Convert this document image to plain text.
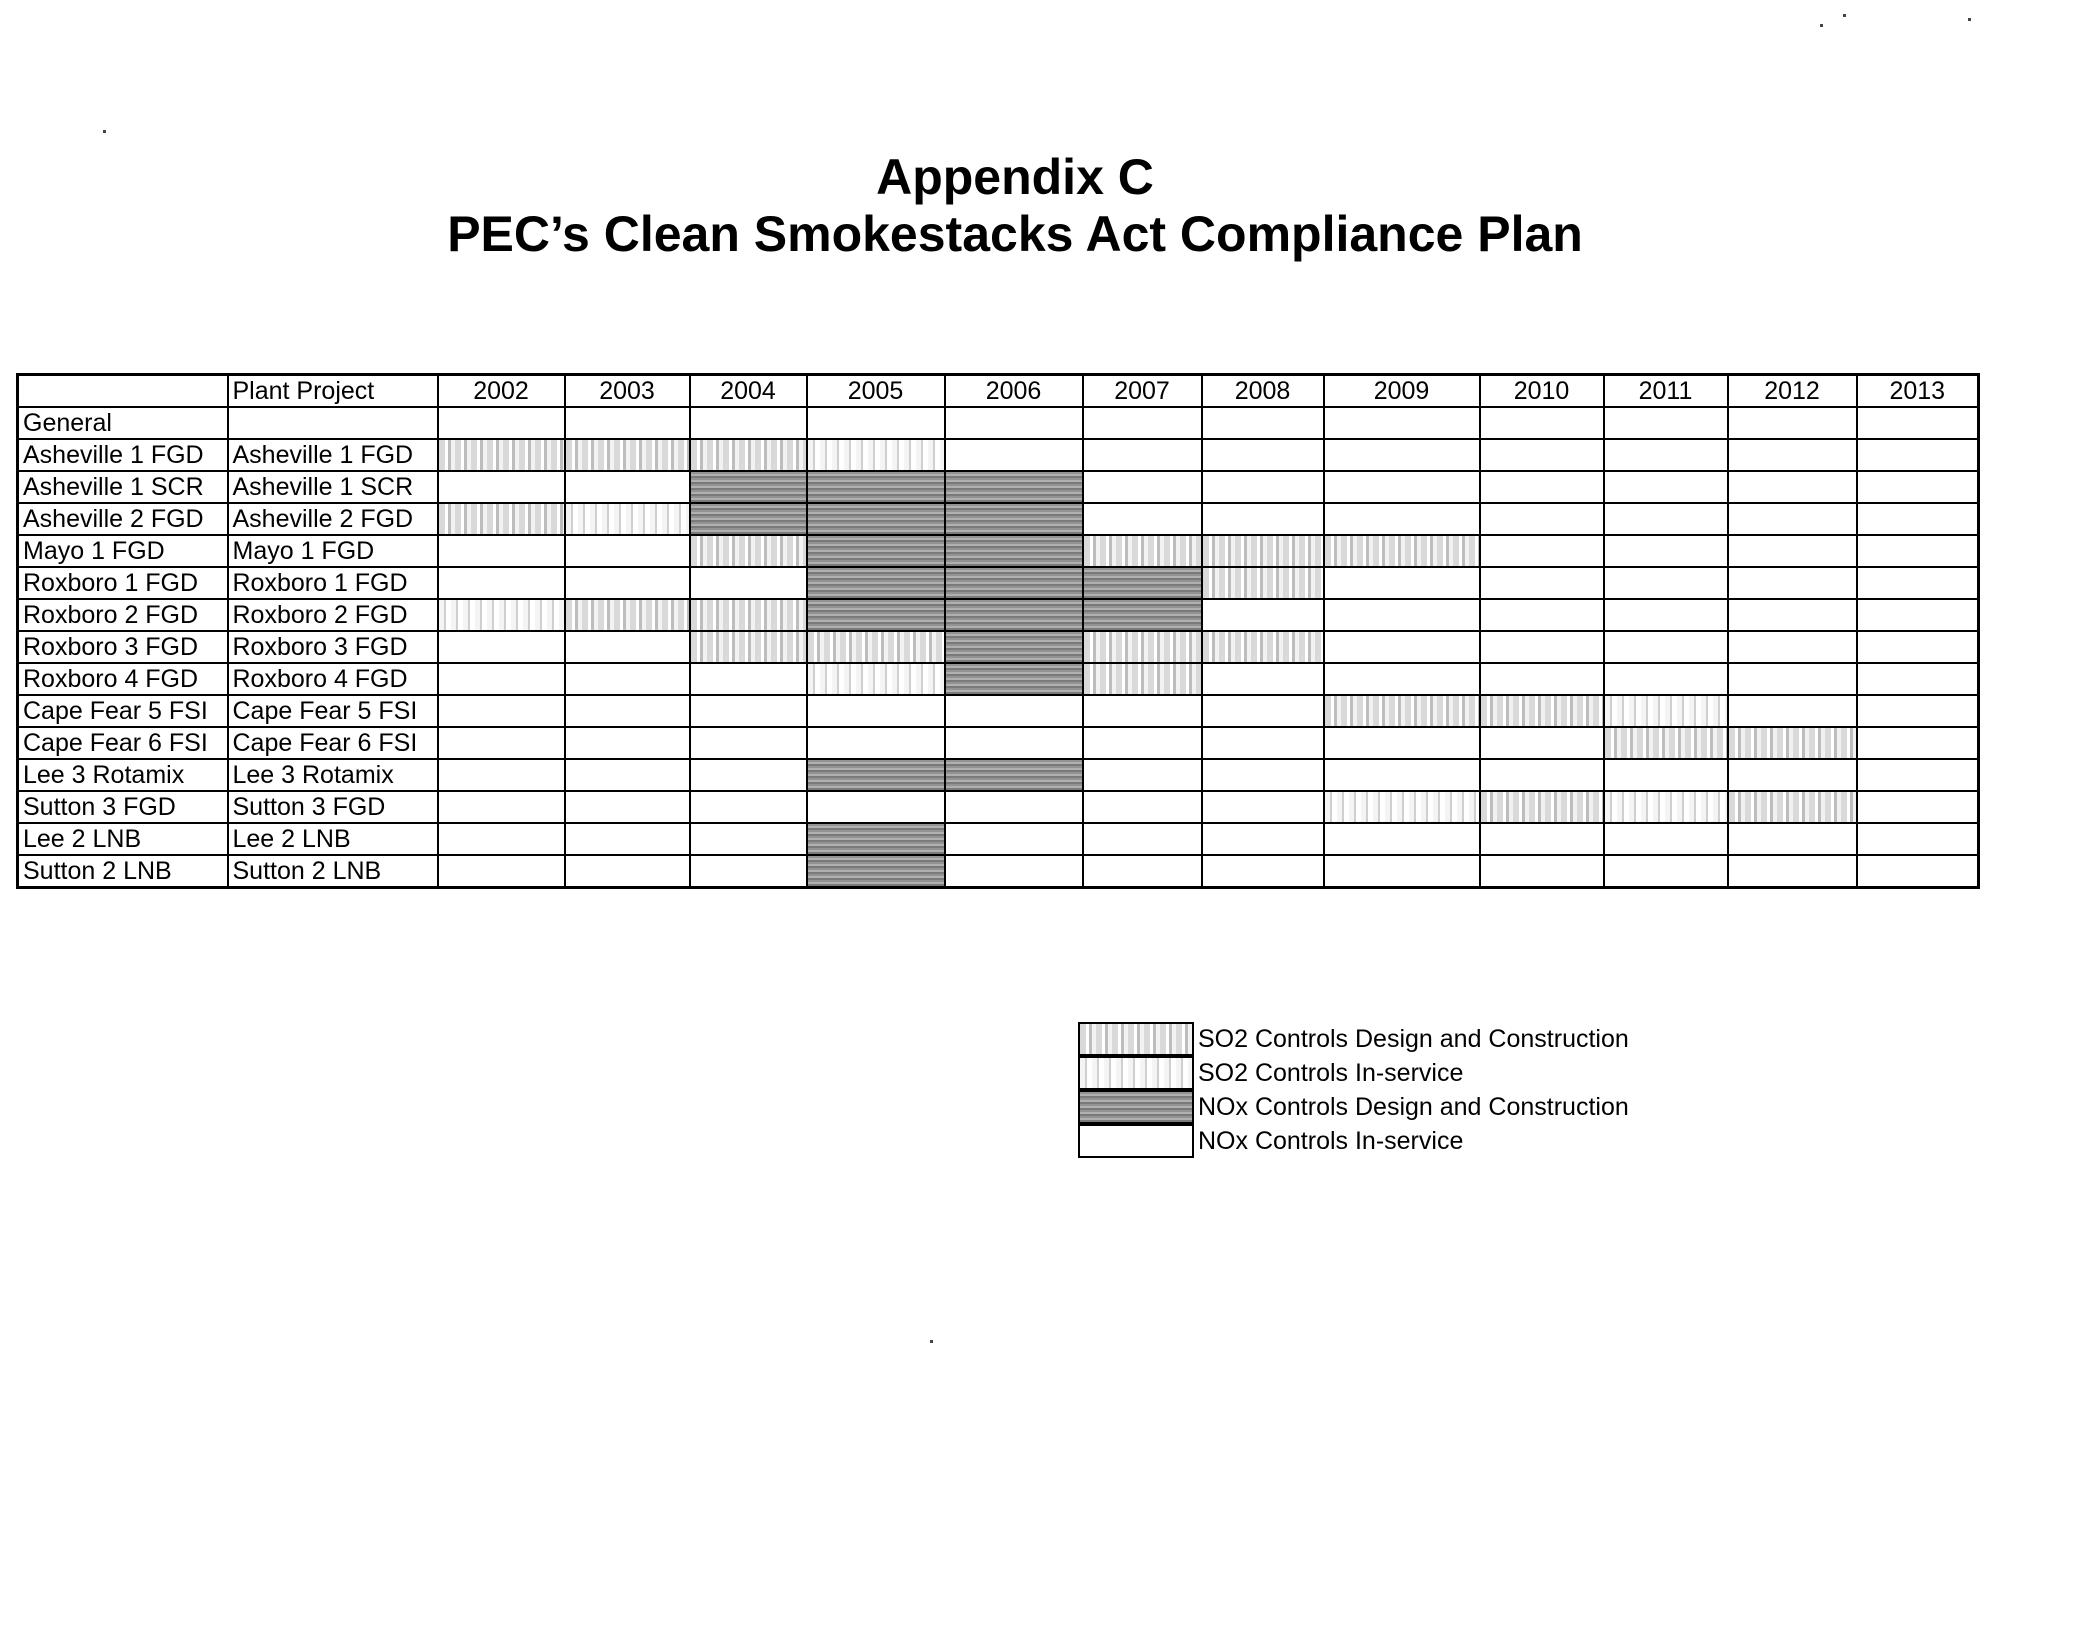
Appendix C
PEC’s Clean Smokestacks Act Compliance Plan
	Plant Project	2002	2003	2004	2005	2006	2007	2008	2009	2010	2011	2012	2013
General													
Asheville 1 FGD	Asheville 1 FGD												
Asheville 1 SCR	Asheville 1 SCR												
Asheville 2 FGD	Asheville 2 FGD												
Mayo 1 FGD	Mayo 1 FGD												
Roxboro 1 FGD	Roxboro 1 FGD												
Roxboro 2 FGD	Roxboro 2 FGD												
Roxboro 3 FGD	Roxboro 3 FGD												
Roxboro 4 FGD	Roxboro 4 FGD												
Cape Fear 5 FSI	Cape Fear 5 FSI												
Cape Fear 6 FSI	Cape Fear 6 FSI												
Lee 3 Rotamix	Lee 3 Rotamix												
Sutton 3 FGD	Sutton 3 FGD												
Lee 2 LNB	Lee 2 LNB												
Sutton 2 LNB	Sutton 2 LNB												
SO2 Controls Design and Construction
SO2 Controls In-service
NOx Controls Design and Construction
NOx Controls In-service
